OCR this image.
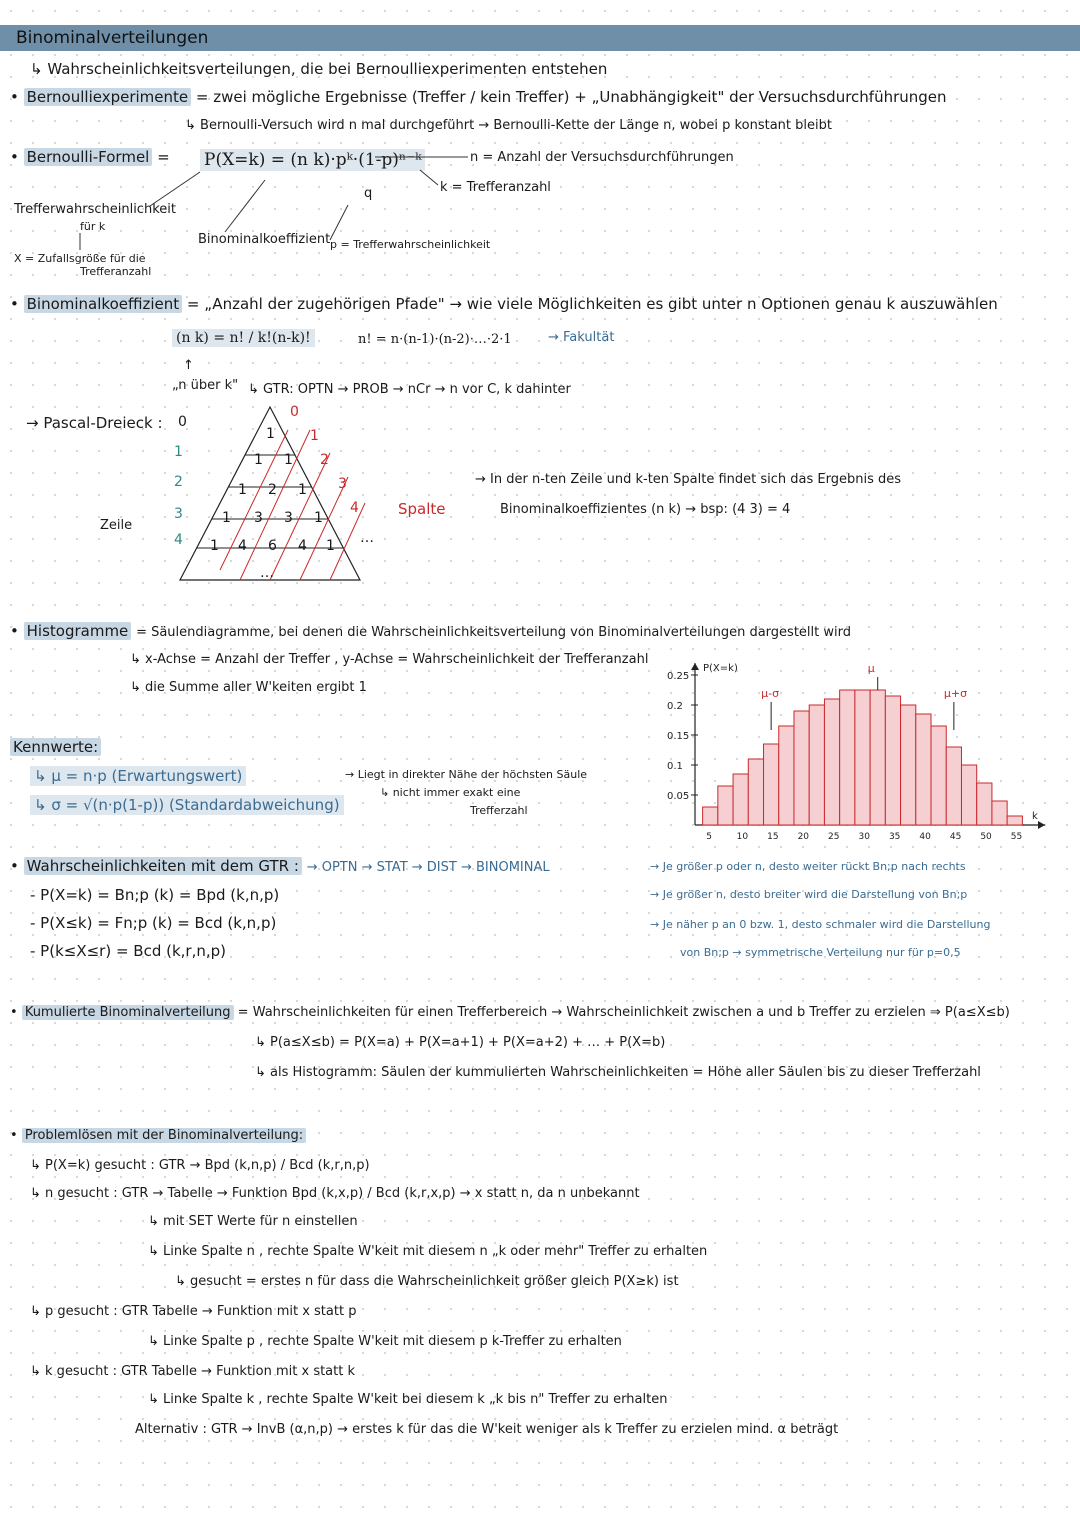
Binominalverteilungen
↳ Wahrscheinlichkeitsverteilungen, die bei Bernoulliexperimenten entstehen
• Bernoulliexperimente = zwei mögliche Ergebnisse (Treffer / kein Treffer) + „Unabhängigkeit" der Versuchsdurchführungen
↳ Bernoulli-Versuch wird n mal durchgeführt → Bernoulli-Kette der Länge n, wobei p konstant bleibt
• Bernoulli-Formel = P(X=k) = (n k)·pᵏ·(1-p)ⁿ⁻ᵏ
q
n = Anzahl der Versuchsdurchführungen
k = Trefferanzahl
Binominalkoeffizient p = Trefferwahrscheinlichkeit
Trefferwahrscheinlichkeit
für k
X = Zufallsgröße für die
Trefferanzahl
• Binominalkoeffizient = „Anzahl der zugehörigen Pfade" → wie viele Möglichkeiten es gibt unter n Optionen genau k auszuwählen
(n k) = n! / k!(n-k)!	n! = n·(n-1)·(n-2)·…·2·1	→ Fakultät
↑
„n über k" ↳ GTR: OPTN → PROB → nCr → n vor C, k dahinter
→ Pascal-Dreieck :
Zeile
Spalte
0
1
2
3
4
1
1 1
1 2 1
1 3 3 1
1 4 6 4 1
0
1
2
3
4
…
…
→ In der n-ten Zeile und k-ten Spalte findet sich das Ergebnis des
Binominalkoeffizientes (n k) → bsp: (4 3) = 4
• Histogramme = Säulendiagramme, bei denen die Wahrscheinlichkeitsverteilung von Binominalverteilungen dargestellt wird
↳ x-Achse = Anzahl der Treffer , y-Achse = Wahrscheinlichkeit der Trefferanzahl
↳ die Summe aller W'keiten ergibt 1
0.05
0.1
0.15
0.2
0.25
5	10 15 20 25 30 35 40 45 50 55
P(X=k)
k
μ-σ
μ
μ+σ
Kennwerte:
↳ μ = n·p (Erwartungswert)
↳ σ = √(n·p(1-p)) (Standardabweichung)
→ Liegt in direkter Nähe der höchsten Säule
↳ nicht immer exakt eine
Trefferzahl
→ Je größer p oder n, desto weiter rückt Bn;p nach rechts
→ Je größer n, desto breiter wird die Darstellung von Bn;p
→ Je näher p an 0 bzw. 1, desto schmaler wird die Darstellung
von Bn;p → symmetrische Verteilung nur für p=0,5
• Wahrscheinlichkeiten mit dem GTR : → OPTN → STAT → DIST → BINOMINAL
- P(X=k) = Bn;p (k) = Bpd (k,n,p)
- P(X≤k) = Fn;p (k) = Bcd (k,n,p)
- P(k≤X≤r) = Bcd (k,r,n,p)
• Kumulierte Binominalverteilung = Wahrscheinlichkeiten für einen Trefferbereich → Wahrscheinlichkeit zwischen a und b Treffer zu erzielen ⇒ P(a≤X≤b)
↳ P(a≤X≤b) = P(X=a) + P(X=a+1) + P(X=a+2) + … + P(X=b)
↳ als Histogramm: Säulen der kummulierten Wahrscheinlichkeiten = Höhe aller Säulen bis zu dieser Trefferzahl
• Problemlösen mit der Binominalverteilung:
↳ P(X=k) gesucht : GTR → Bpd (k,n,p) / Bcd (k,r,n,p)
↳ n gesucht : GTR → Tabelle → Funktion Bpd (k,x,p) / Bcd (k,r,x,p) → x statt n, da n unbekannt
↳ mit SET Werte für n einstellen
↳ Linke Spalte n , rechte Spalte W'keit mit diesem n „k oder mehr" Treffer zu erhalten
↳ gesucht = erstes n für dass die Wahrscheinlichkeit größer gleich P(X≥k) ist
↳ p gesucht : GTR Tabelle → Funktion mit x statt p
↳ Linke Spalte p , rechte Spalte W'keit mit diesem p k-Treffer zu erhalten
↳ k gesucht : GTR Tabelle → Funktion mit x statt k
↳ Linke Spalte k , rechte Spalte W'keit bei diesem k „k bis n" Treffer zu erhalten
Alternativ : GTR → InvB (α,n,p) → erstes k für das die W'keit weniger als k Treffer zu erzielen mind. α beträgt
